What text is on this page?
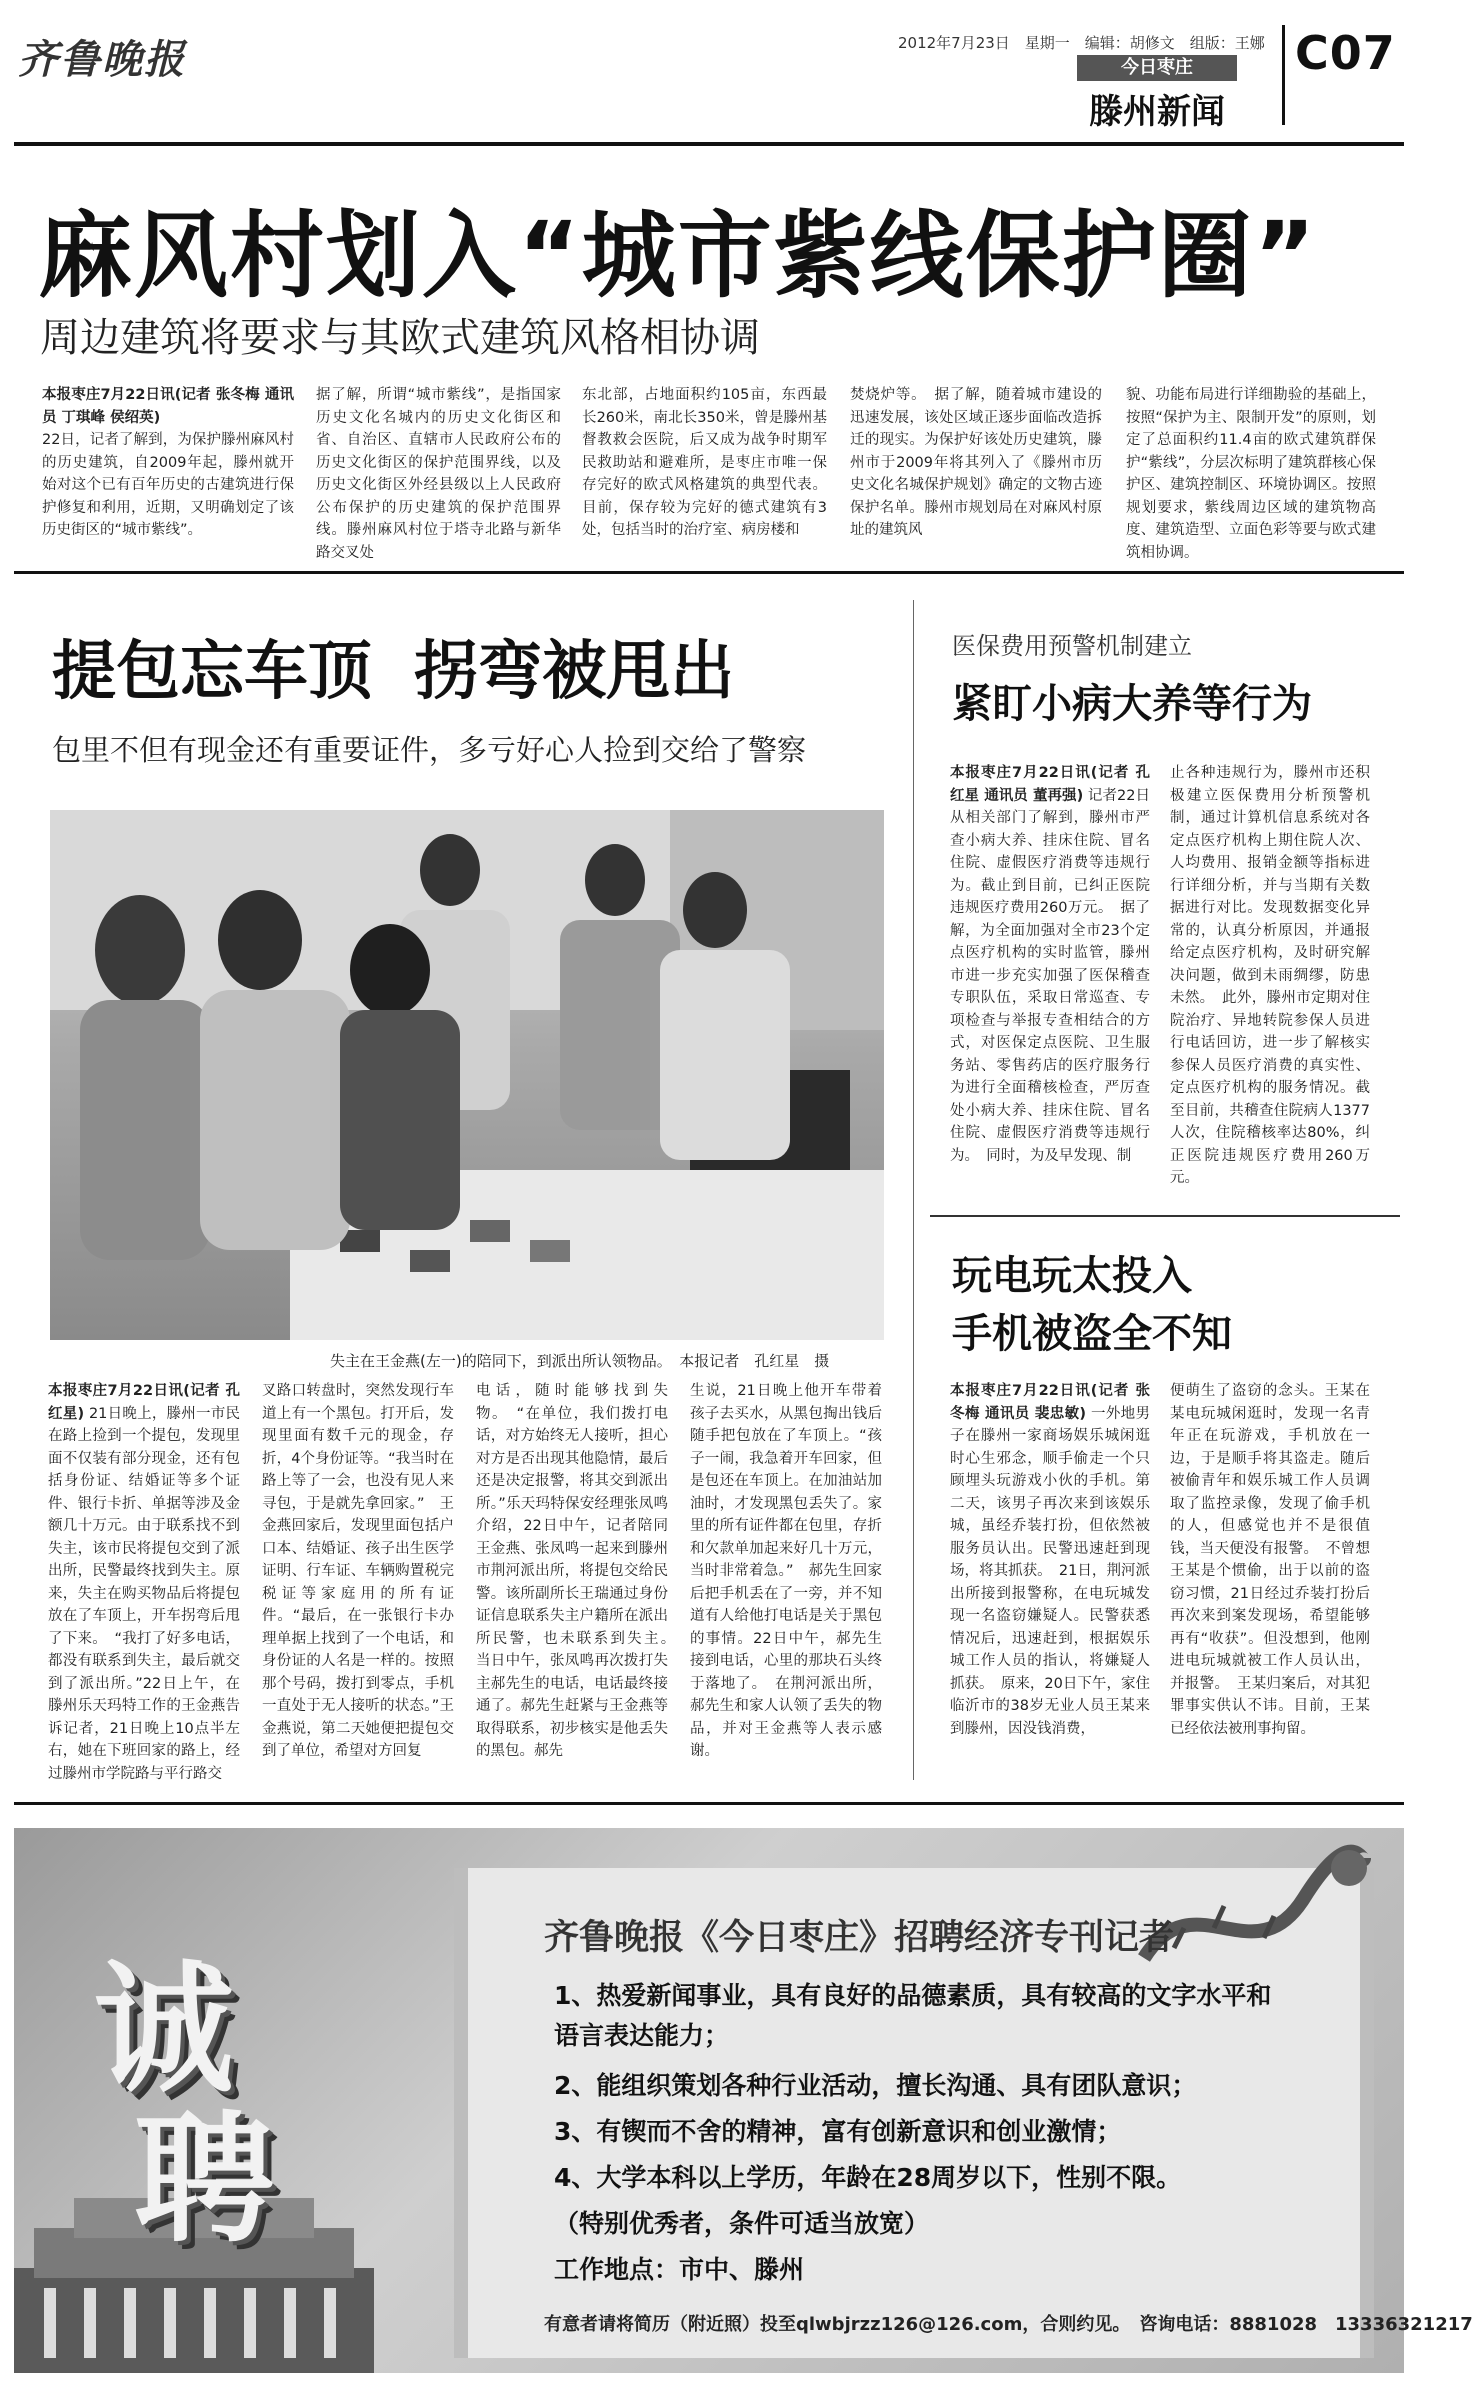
齐鲁晚报	2012年7月23日　星期一　编辑：胡修文　组版：王娜
今日枣庄
滕州新闻
C07
麻风村划入“城市紫线保护圈”
周边建筑将要求与其欧式建筑风格相协调
本报枣庄7月22日讯(记者 张冬梅 通讯员 丁琪峰 侯绍英)
22日，记者了解到，为保护滕州麻风村的历史建筑，自2009年起，滕州就开始对这个已有百年历史的古建筑进行保护修复和利用，近期，又明确划定了该历史街区的“城市紫线”。
据了解，所谓“城市紫线”，是指国家历史文化名城内的历史文化街区和省、自治区、直辖市人民政府公布的历史文化街区的保护范围界线，以及历史文化街区外经县级以上人民政府公布保护的历史建筑的保护范围界线。滕州麻风村位于塔寺北路与新华路交叉处
东北部，占地面积约105亩，东西最长260米，南北长350米，曾是滕州基督教救会医院，后又成为战争时期军民救助站和避难所，是枣庄市唯一保存完好的欧式风格建筑的典型代表。目前，保存较为完好的德式建筑有3处，包括当时的治疗室、病房楼和
焚烧炉等。　据了解，随着城市建设的迅速发展，该处区域正逐步面临改造拆迁的现实。为保护好该处历史建筑，滕州市于2009年将其列入了《滕州市历史文化名城保护规划》确定的文物古迹保护名单。滕州市规划局在对麻风村原址的建筑风
貌、功能布局进行详细勘验的基础上，按照“保护为主、限制开发”的原则，划定了总面积约11.4亩的欧式建筑群保护“紫线”，分层次标明了建筑群核心保护区、建筑控制区、环境协调区。按照规划要求，紫线周边区域的建筑物高度、建筑造型、立面色彩等要与欧式建筑相协调。
提包忘车顶 拐弯被甩出
包里不但有现金还有重要证件，多亏好心人捡到交给了警察
失主在王金燕(左一)的陪同下，到派出所认领物品。　本报记者　孔红星　摄
本报枣庄7月22日讯(记者 孔红星) 21日晚上，滕州一市民在路上捡到一个提包，发现里面不仅装有部分现金，还有包括身份证、结婚证等多个证件、银行卡折、单据等涉及金额几十万元。由于联系找不到失主，该市民将提包交到了派出所，民警最终找到失主。原来，失主在购买物品后将提包放在了车顶上，开车拐弯后甩了下来。　“我打了好多电话，都没有联系到失主，最后就交到了派出所。”22日上午，在滕州乐天玛特工作的王金燕告诉记者，21日晚上10点半左右，她在下班回家的路上，经过滕州市学院路与平行路交
叉路口转盘时，突然发现行车道上有一个黑包。打开后，发现里面有数千元的现金，存折，4个身份证等。“我当时在路上等了一会，也没有见人来寻包，于是就先拿回家。”　王金燕回家后，发现里面包括户口本、结婚证、孩子出生医学证明、行车证、车辆购置税完税证等家庭用的所有证件。“最后，在一张银行卡办理单据上找到了一个电话，和身份证的人名是一样的。按照那个号码，拨打到零点，手机一直处于无人接听的状态。”王金燕说，第二天她便把提包交到了单位，希望对方回复
电话，随时能够找到失物。　“在单位，我们拨打电话，对方始终无人接听，担心对方是否出现其他隐情，最后还是决定报警，将其交到派出所。”乐天玛特保安经理张凤鸣介绍，22日中午，记者陪同王金燕、张凤鸣一起来到滕州市荆河派出所，将提包交给民警。该所副所长王瑞通过身份证信息联系失主户籍所在派出所民警，也未联系到失主。　当日中午，张凤鸣再次拨打失主郝先生的电话，电话最终接通了。郝先生赶紧与王金燕等取得联系，初步核实是他丢失的黑包。郝先
生说，21日晚上他开车带着孩子去买水，从黑包掏出钱后随手把包放在了车顶上。“孩子一闹，我急着开车回家，但是包还在车顶上。在加油站加油时，才发现黑包丢失了。家里的所有证件都在包里，存折和欠款单加起来好几十万元，当时非常着急。”　郝先生回家后把手机丢在了一旁，并不知道有人给他打电话是关于黑包的事情。22日中午，郝先生接到电话，心里的那块石头终于落地了。　在荆河派出所，郝先生和家人认领了丢失的物品，并对王金燕等人表示感谢。
医保费用预警机制建立
紧盯小病大养等行为
本报枣庄7月22日讯(记者 孔红星 通讯员 董再强) 记者22日从相关部门了解到，滕州市严查小病大养、挂床住院、冒名住院、虚假医疗消费等违规行为。截止到目前，已纠正医院违规医疗费用260万元。　据了解，为全面加强对全市23个定点医疗机构的实时监管，滕州市进一步充实加强了医保稽查专职队伍，采取日常巡查、专项检查与举报专查相结合的方式，对医保定点医院、卫生服务站、零售药店的医疗服务行为进行全面稽核检查，严厉查处小病大养、挂床住院、冒名住院、虚假医疗消费等违规行为。　同时，为及早发现、制
止各种违规行为，滕州市还积极建立医保费用分析预警机制，通过计算机信息系统对各定点医疗机构上期住院人次、人均费用、报销金额等指标进行详细分析，并与当期有关数据进行对比。发现数据变化异常的，认真分析原因，并通报给定点医疗机构，及时研究解决问题，做到未雨绸缪，防患未然。　此外，滕州市定期对住院治疗、异地转院参保人员进行电话回访，进一步了解核实参保人员医疗消费的真实性、定点医疗机构的服务情况。截至目前，共稽查住院病人1377人次，住院稽核率达80%，纠正医院违规医疗费用260万元。
玩电玩太投入
手机被盗全不知
本报枣庄7月22日讯(记者 张冬梅 通讯员 裴忠敏) 一外地男子在滕州一家商场娱乐城闲逛时心生邪念，顺手偷走一个只顾埋头玩游戏小伙的手机。第二天，该男子再次来到该娱乐城，虽经乔装打扮，但依然被服务员认出。民警迅速赶到现场，将其抓获。　21日，荆河派出所接到报警称，在电玩城发现一名盗窃嫌疑人。民警获悉情况后，迅速赶到，根据娱乐城工作人员的指认，将嫌疑人抓获。　原来，20日下午，家住临沂市的38岁无业人员王某来到滕州，因没钱消费，
便萌生了盗窃的念头。王某在某电玩城闲逛时，发现一名青年正在玩游戏，手机放在一边，于是顺手将其盗走。随后被偷青年和娱乐城工作人员调取了监控录像，发现了偷手机的人，但感觉也并不是很值钱，当天便没有报警。　不曾想王某是个惯偷，出于以前的盗窃习惯，21日经过乔装打扮后再次来到案发现场，希望能够再有“收获”。但没想到，他刚进电玩城就被工作人员认出，并报警。　王某归案后，对其犯罪事实供认不讳。目前，王某已经依法被刑事拘留。
诚
聘
齐鲁晚报《今日枣庄》招聘经济专刊记者
1、热爱新闻事业，具有良好的品德素质，具有较高的文字水平和语言表达能力；
2、能组织策划各种行业活动，擅长沟通、具有团队意识；
3、有锲而不舍的精神，富有创新意识和创业激情；
4、大学本科以上学历，年龄在28周岁以下，性别不限。
（特别优秀者，条件可适当放宽）
工作地点：市中、滕州
有意者请将简历（附近照）投至qlwbjrzz126@126.com，合则约见。　咨询电话：8881028　13336321217
